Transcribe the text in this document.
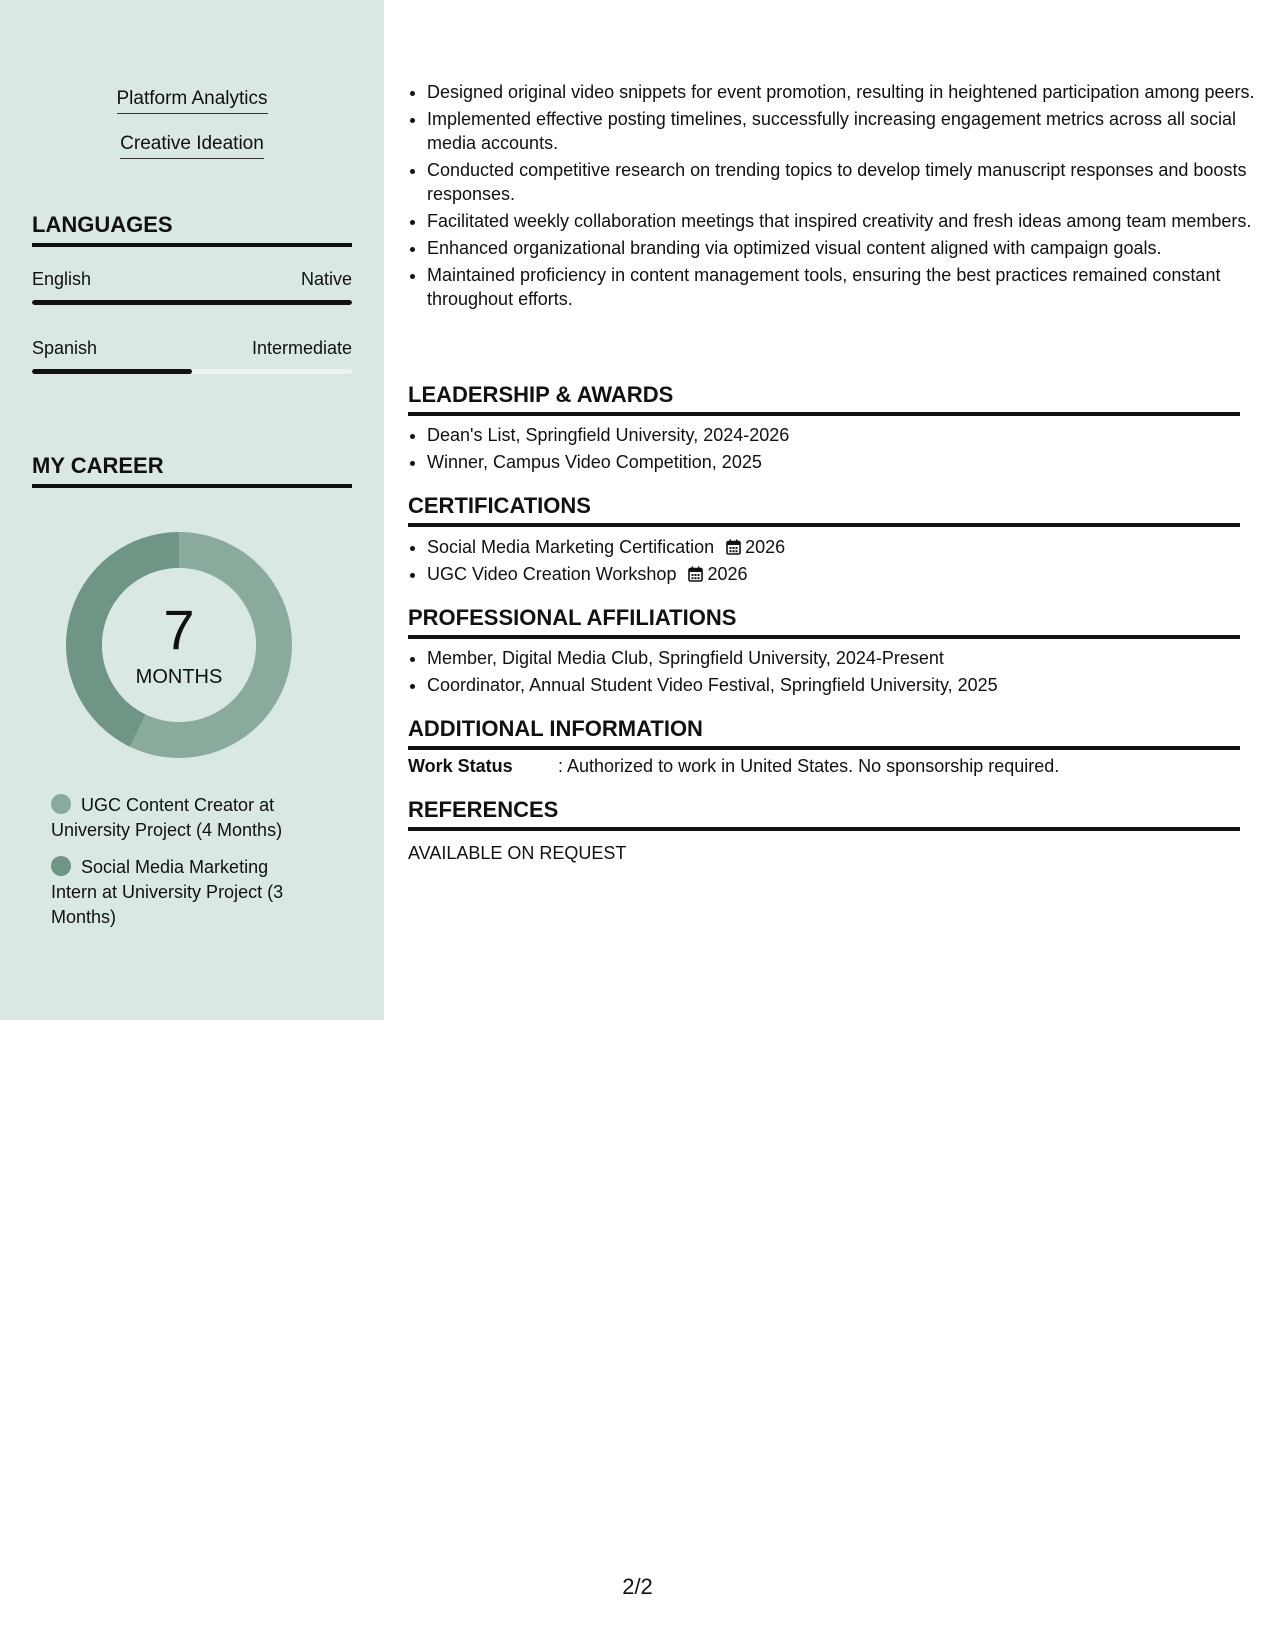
Platform Analytics
Creative Ideation
LANGUAGES
English	Native
Spanish	Intermediate
MY CAREER
7
MONTHS
UGC Content Creator at University Project (4 Months)
Social Media Marketing Intern at University Project (3 Months)
• Designed original video snippets for event promotion, resulting in heightened participation among peers.
• Implemented effective posting timelines, successfully increasing engagement metrics across all social media accounts.
• Conducted competitive research on trending topics to develop timely manuscript responses and boosts responses.
• Facilitated weekly collaboration meetings that inspired creativity and fresh ideas among team members.
• Enhanced organizational branding via optimized visual content aligned with campaign goals.
• Maintained proficiency in content management tools, ensuring the best practices remained constant throughout efforts.
LEADERSHIP & AWARDS
• Dean's List, Springfield University, 2024-2026
• Winner, Campus Video Competition, 2025
CERTIFICATIONS
• Social Media Marketing Certification 2026
• UGC Video Creation Workshop 2026
PROFESSIONAL AFFILIATIONS
• Member, Digital Media Club, Springfield University, 2024-Present
• Coordinator, Annual Student Video Festival, Springfield University, 2025
ADDITIONAL INFORMATION
Work Status	: Authorized to work in United States. No sponsorship required.
REFERENCES
AVAILABLE ON REQUEST
2/2
